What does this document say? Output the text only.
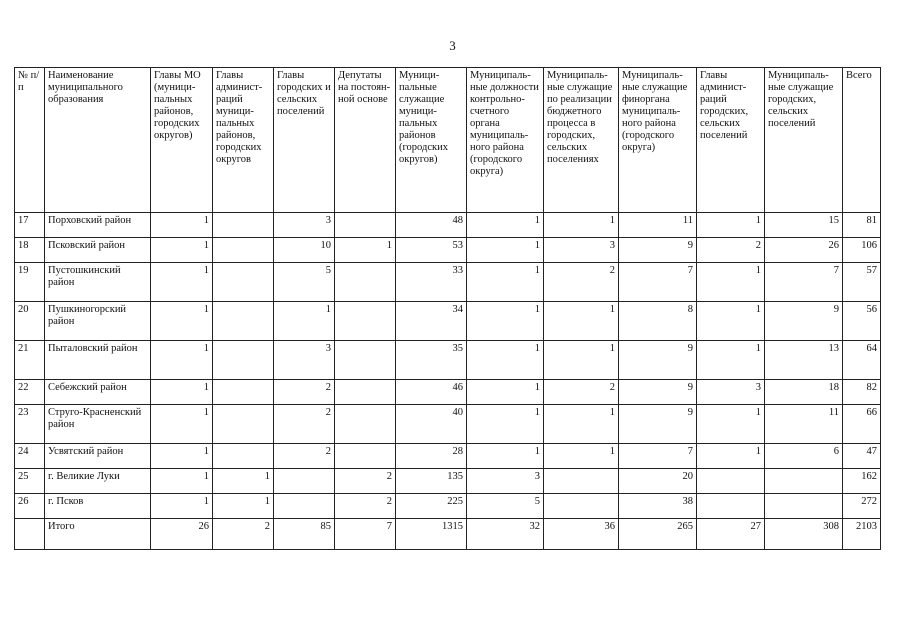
3
№ п/п	Наименование муниципального образования	Главы МО (муници-пальных районов, городских округов)	Главы админист-раций муници-пальных районов, городских округов	Главы городских и сельских поселений	Депутаты на постоян-ной основе	Муници-пальные служащие муници-пальных районов (городских округов)	Муниципаль-ные должности контрольно-счетного органа муниципаль-ного района (городского округа)	Муниципаль-ные служащие по реализации бюджетного процесса в городских, сельских поселениях	Муниципаль-ные служащие финоргана муниципаль-ного района (городского округа)	Главы админист-раций городских, сельских поселений	Муниципаль-ные служащие городских, сельских поселений	Всего
17	Порховский район	1		3		48	1	1	11	1	15	81
18	Псковский район	1		10	1	53	1	3	9	2	26	106
19	Пустошкинский район	1		5		33	1	2	7	1	7	57
20	Пушкиногорский район	1		1		34	1	1	8	1	9	56
21	Пыталовский район	1		3		35	1	1	9	1	13	64
22	Себежский район	1		2		46	1	2	9	3	18	82
23	Струго-Красненский район	1		2		40	1	1	9	1	11	66
24	Усвятский район	1		2		28	1	1	7	1	6	47
25	г. Великие Луки	1	1		2	135	3		20			162
26	г. Псков	1	1		2	225	5		38			272
	Итого	26	2	85	7	1315	32	36	265	27	308	2103
